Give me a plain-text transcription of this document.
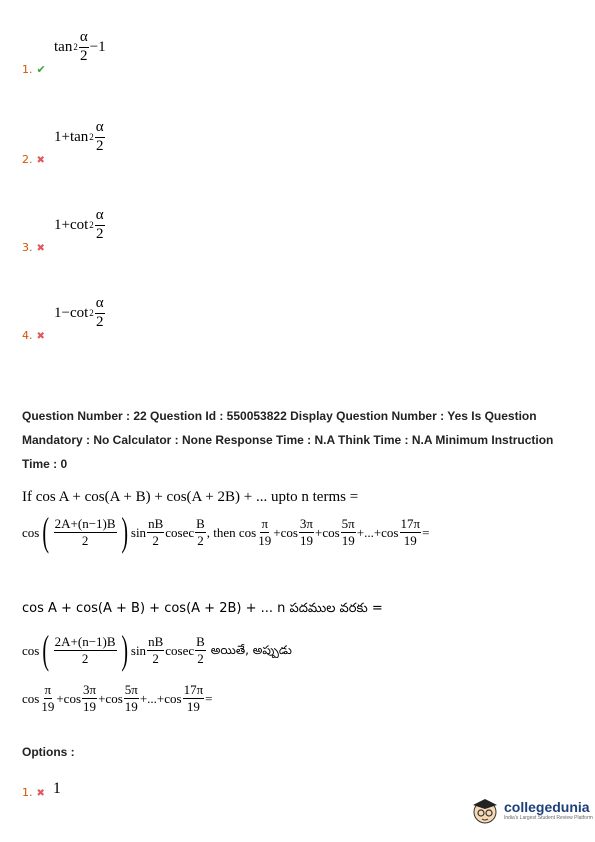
$\tan 2 \frac{\alpha}{2} -1$
1. ✔
$1+ \tan 2 \frac{\alpha}{2}$
2. ✖
$1+ \cot 2 \frac{\alpha}{2}$
3. ✖
$1- \cot 2 \frac{\alpha}{2}$
4. ✖
Question Number : 22 Question Id : 550053822 Display Question Number : Yes Is Question
Mandatory : No Calculator : None Response Time : N.A Think Time : N.A Minimum Instruction
Time : 0
If cos A + cos(A + B) + cos(A + 2B) + ... upto n terms =
cos ( $\frac{2A+(n-1)B}{2}$ ) $\sin \frac{nB}{2}$ cosec $\frac{B}{2}$ , then $\cos \frac{\pi}{19} +\cos \frac{3\pi}{19} +\cos \frac{5\pi}{19} +...+\cos \frac{17\pi}{19}$ =
cos A + cos(A + B) + cos(A + 2B) + ... n పదముల వరకు =
cos ( $\frac{2A+(n-1)B}{2}$ ) $\sin \frac{nB}{2}$ cosec $\frac{B}{2}$ అయితే, అప్పుడు
$\cos \frac{\pi}{19} +\cos \frac{3\pi}{19} +\cos \frac{5\pi}{19} +...+\cos \frac{17\pi}{19}$ =
Options :
1. ✖ 1
collegedunia
India's Largest Student Review Platform
